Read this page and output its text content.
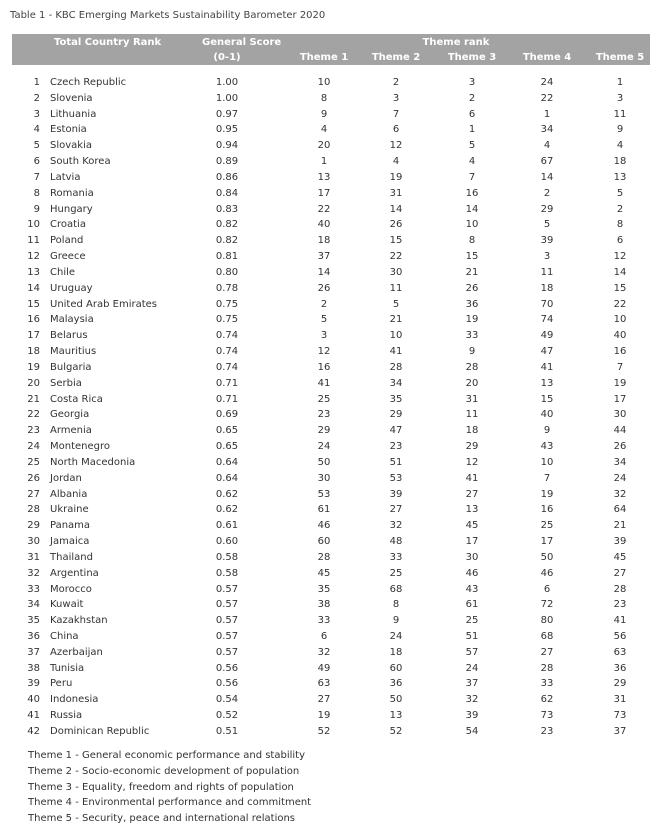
Table 1 - KBC Emerging Markets Sustainability Barometer 2020
Total Country Rank	General Score
(0-1)
Theme rank
Theme 1	Theme 2	Theme 3	Theme 4	Theme 5
1 Czech Republic	1.00	10	2	3	24	1
2 Slovenia	1.00	8	3	2	22	3
3 Lithuania	0.97	9	7	6	1	11
4 Estonia	0.95	4	6	1	34	9
5 Slovakia	0.94	20	12	5	4	4
6 South Korea	0.89	1	4	4	67	18
7 Latvia	0.86	13	19	7	14	13
8 Romania	0.84	17	31	16	2	5
9 Hungary	0.83	22	14	14	29	2
10 Croatia	0.82	40	26	10	5	8
11 Poland	0.82	18	15	8	39	6
12 Greece	0.81	37	22	15	3	12
13 Chile	0.80	14	30	21	11	14
14 Uruguay	0.78	26	11	26	18	15
15 United Arab Emirates	0.75	2	5	36	70	22
16 Malaysia	0.75	5	21	19	74	10
17 Belarus	0.74	3	10	33	49	40
18 Mauritius	0.74	12	41	9	47	16
19 Bulgaria	0.74	16	28	28	41	7
20 Serbia	0.71	41	34	20	13	19
21 Costa Rica	0.71	25	35	31	15	17
22 Georgia	0.69	23	29	11	40	30
23 Armenia	0.65	29	47	18	9	44
24 Montenegro	0.65	24	23	29	43	26
25 North Macedonia	0.64	50	51	12	10	34
26 Jordan	0.64	30	53	41	7	24
27 Albania	0.62	53	39	27	19	32
28 Ukraine	0.62	61	27	13	16	64
29 Panama	0.61	46	32	45	25	21
30 Jamaica	0.60	60	48	17	17	39
31 Thailand	0.58	28	33	30	50	45
32 Argentina	0.58	45	25	46	46	27
33 Morocco	0.57	35	68	43	6	28
34 Kuwait	0.57	38	8	61	72	23
35 Kazakhstan	0.57	33	9	25	80	41
36 China	0.57	6	24	51	68	56
37 Azerbaijan	0.57	32	18	57	27	63
38 Tunisia	0.56	49	60	24	28	36
39 Peru	0.56	63	36	37	33	29
40 Indonesia	0.54	27	50	32	62	31
41 Russia	0.52	19	13	39	73	73
42 Dominican Republic	0.51	52	52	54	23	37
Theme 1 - General economic performance and stability
Theme 2 - Socio-economic development of population
Theme 3 - Equality, freedom and rights of population
Theme 4 - Environmental performance and commitment
Theme 5 - Security, peace and international relations
